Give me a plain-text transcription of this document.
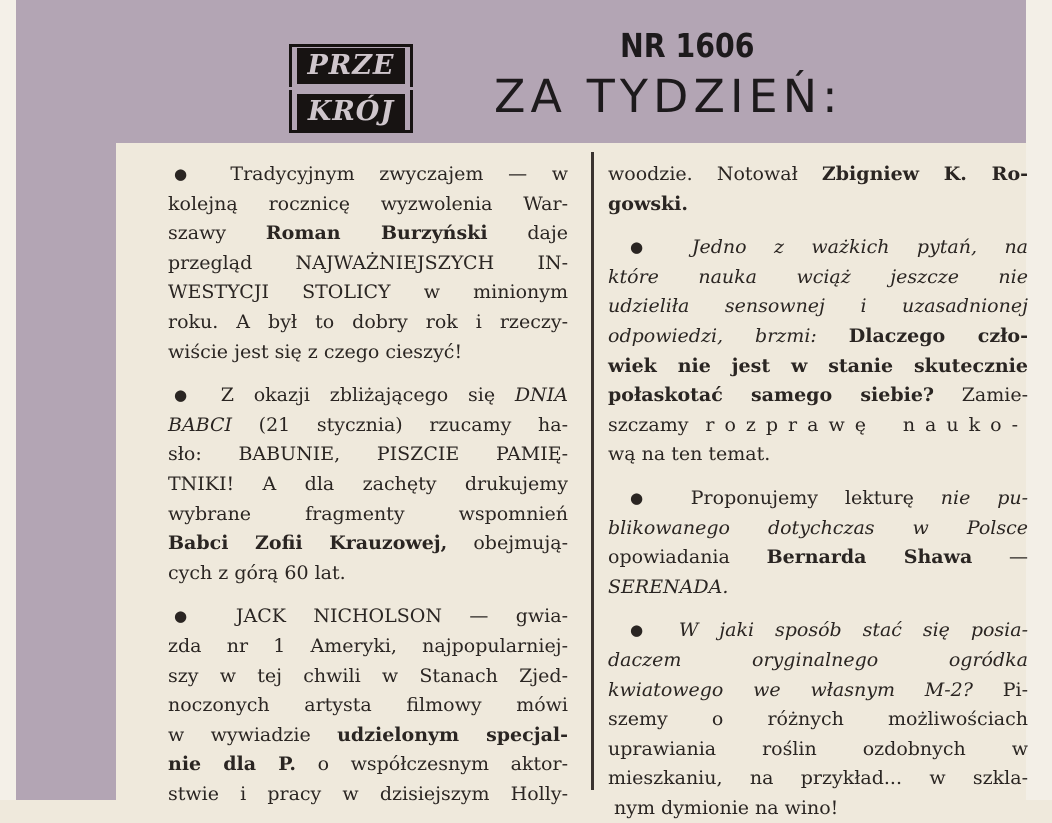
PRZE
KRÓJ
NR 1606
ZA TYDZIEŃ:
● Tradycyjnym zwyczajem — w
kolejną rocznicę wyzwolenia War-
szawy Roman Burzyński daje
przegląd NAJWAŻNIEJSZYCH IN-
WESTYCJI STOLICY w minionym
roku. A był to dobry rok i rzeczy-
wiście jest się z czego cieszyć!
● Z okazji zbliżającego się DNIA
BABCI (21 stycznia) rzucamy ha-
sło: BABUNIE, PISZCIE PAMIĘ-
TNIKI! A dla zachęty drukujemy
wybrane fragmenty wspomnień
Babci Zofii Krauzowej, obejmują-
cych z górą 60 lat.
● JACK NICHOLSON — gwia-
zda nr 1 Ameryki, najpopularniej-
szy w tej chwili w Stanach Zjed-
noczonych artysta filmowy mówi
w wywiadzie udzielonym specjal-
nie dla P. o współczesnym aktor-
stwie i pracy w dzisiejszym Holly-
woodzie. Notował Zbigniew K. Ro-
gowski.
● Jedno z ważkich pytań, na
które nauka wciąż jeszcze nie
udzieliła sensownej i uzasadnionej
odpowiedzi, brzmi: Dlaczego czło-
wiek nie jest w stanie skutecznie
połaskotać samego siebie? Zamie-
szczamy rozprawę nauko-
wą na ten temat.
● Proponujemy lekturę nie pu-
blikowanego dotychczas w Polsce
opowiadania Bernarda Shawa —
SERENADA.
● W jaki sposób stać się posia-
daczem oryginalnego ogródka
kwiatowego we własnym M-2? Pi-
szemy o różnych możliwościach
uprawiania roślin ozdobnych w
mieszkaniu, na przykład... w szkla-
nym dymionie na wino!
